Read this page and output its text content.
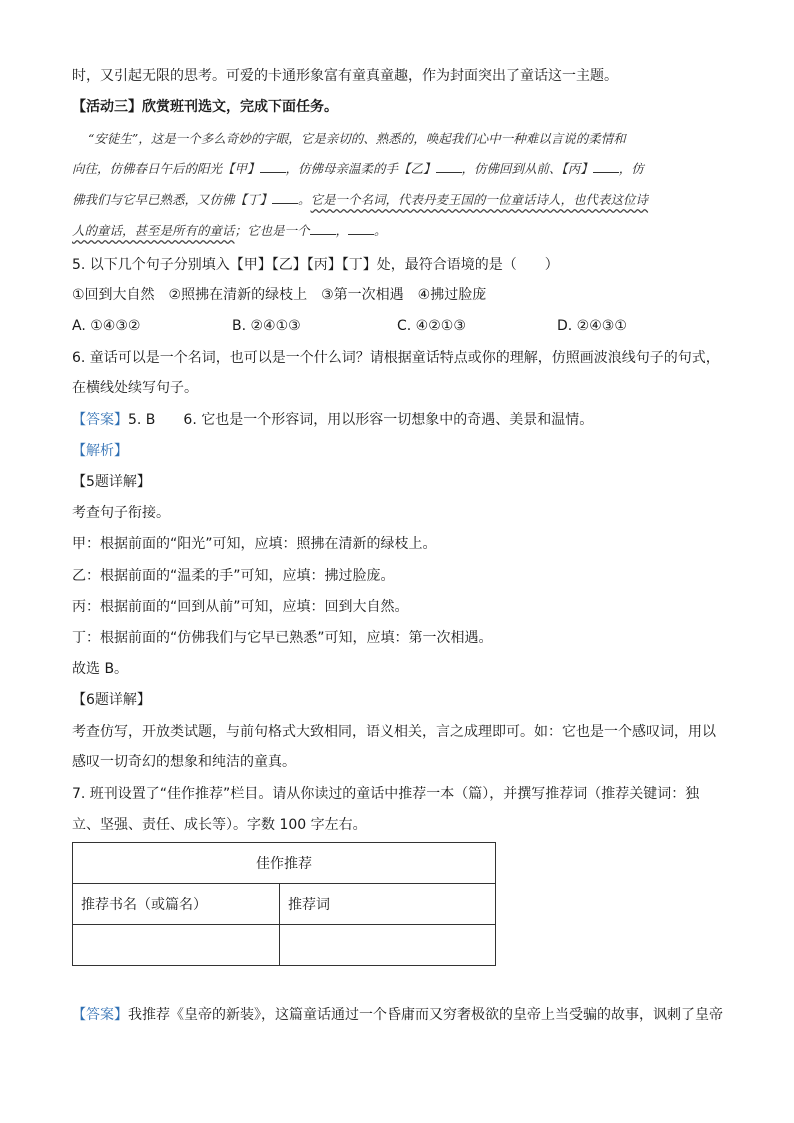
时，又引起无限的思考。可爱的卡通形象富有童真童趣，作为封面突出了童话这一主题。
【活动三】欣赏班刊选文，完成下面任务。
“安徒生”，这是一个多么奇妙的字眼，它是亲切的、熟悉的，唤起我们心中一种难以言说的柔情和
向往，仿佛春日午后的阳光【甲】 ，仿佛母亲温柔的手【乙】 ，仿佛回到从前、【丙】 ，仿
佛我们与它早已熟悉，又仿佛【丁】 。它是一个名词，代表丹麦王国的一位童话诗人，也代表这位诗
人的童话，甚至是所有的童话；它也是一个 ， 。
5. 以下几个句子分别填入【甲】【乙】【丙】【丁】处，最符合语境的是（　　）
①回到大自然　②照拂在清新的绿枝上　③第一次相遇　④拂过脸庞
A. ①④③②	B. ②④①③	C. ④②①③	D. ②④③①
6. 童话可以是一个名词，也可以是一个什么词？请根据童话特点或你的理解，仿照画波浪线句子的句式，
在横线处续写句子。
【答案】5. B　　6. 它也是一个形容词，用以形容一切想象中的奇遇、美景和温情。
【解析】
【5题详解】
考查句子衔接。
甲：根据前面的“阳光”可知，应填：照拂在清新的绿枝上。
乙：根据前面的“温柔的手”可知，应填：拂过脸庞。
丙：根据前面的“回到从前”可知，应填：回到大自然。
丁：根据前面的“仿佛我们与它早已熟悉”可知，应填：第一次相遇。
故选 B。
【6题详解】
考查仿写，开放类试题，与前句格式大致相同，语义相关，言之成理即可。如：它也是一个感叹词，用以
感叹一切奇幻的想象和纯洁的童真。
7. 班刊设置了“佳作推荐”栏目。请从你读过的童话中推荐一本（篇），并撰写推荐词（推荐关键词：独
立、坚强、责任、成长等）。字数 100 字左右。
佳作推荐	
推荐书名（或篇名）	推荐词

【答案】我推荐《皇帝的新装》，这篇童话通过一个昏庸而又穷奢极欲的皇帝上当受骗的故事，讽刺了皇帝
